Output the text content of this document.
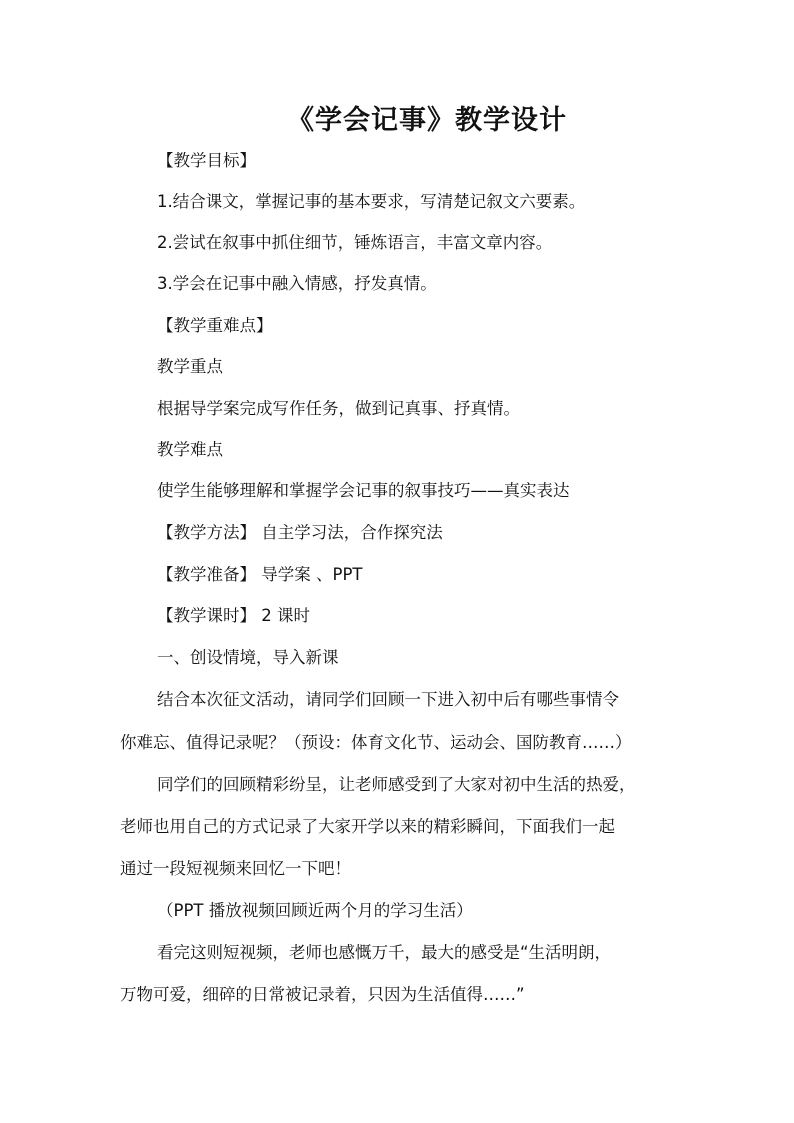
《学会记事》教学设计
【教学目标】
1.结合课文，掌握记事的基本要求，写清楚记叙文六要素。
2.尝试在叙事中抓住细节，锤炼语言，丰富文章内容。
3.学会在记事中融入情感，抒发真情。
【教学重难点】
教学重点
根据导学案完成写作任务，做到记真事、抒真情。
教学难点
使学生能够理解和掌握学会记事的叙事技巧——真实表达
【教学方法】 自主学习法，合作探究法
【教学准备】 导学案 、PPT
【教学课时】 2 课时
一、创设情境，导入新课
结合本次征文活动，请同学们回顾一下进入初中后有哪些事情令
你难忘、值得记录呢？（预设：体育文化节、运动会、国防教育……）
同学们的回顾精彩纷呈，让老师感受到了大家对初中生活的热爱，
老师也用自己的方式记录了大家开学以来的精彩瞬间，下面我们一起
通过一段短视频来回忆一下吧！
（PPT 播放视频回顾近两个月的学习生活）
看完这则短视频，老师也感慨万千，最大的感受是“生活明朗，
万物可爱，细碎的日常被记录着，只因为生活值得……”
